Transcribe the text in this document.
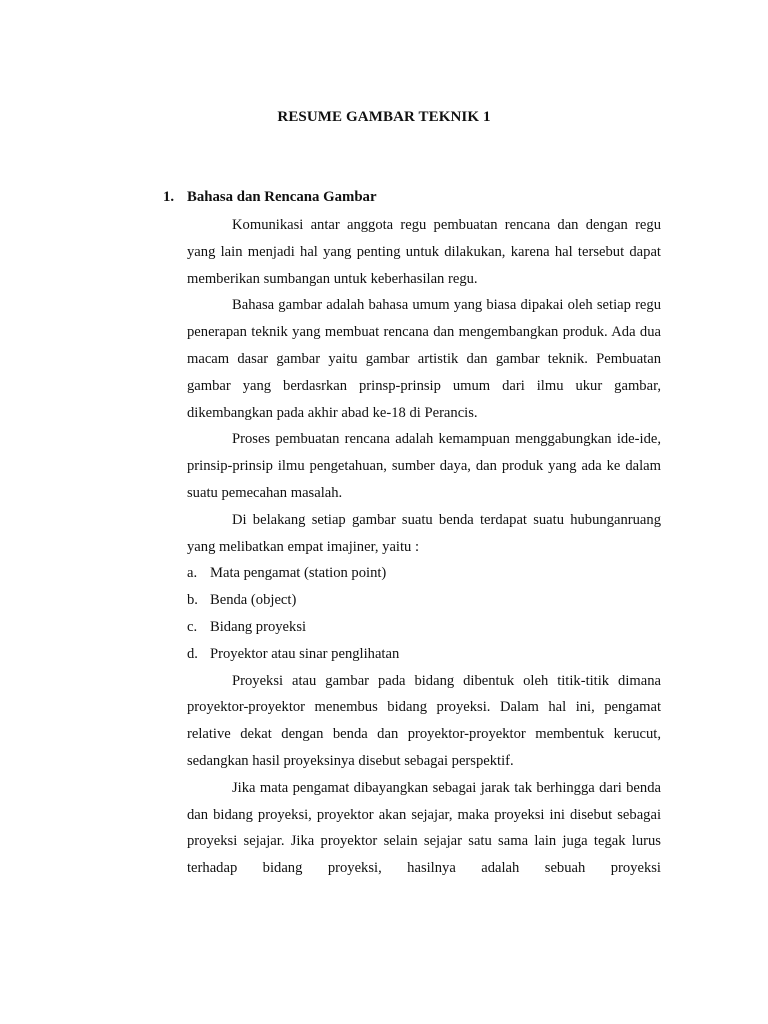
RESUME GAMBAR TEKNIK 1
1. Bahasa dan Rencana Gambar

Komunikasi antar anggota regu pembuatan rencana dan dengan regu yang lain menjadi hal yang penting untuk dilakukan, karena hal tersebut dapat memberikan sumbangan untuk keberhasilan regu.

Bahasa gambar adalah bahasa umum yang biasa dipakai oleh setiap regu penerapan teknik yang membuat rencana dan mengembangkan produk. Ada dua macam dasar gambar yaitu gambar artistik dan gambar teknik. Pembuatan gambar yang berdasrkan prinsp-prinsip umum dari ilmu ukur gambar, dikembangkan pada akhir abad ke-18 di Perancis.

Proses pembuatan rencana adalah kemampuan menggabungkan ide-ide, prinsip-prinsip ilmu pengetahuan, sumber daya, dan produk yang ada ke dalam suatu pemecahan masalah.

Di belakang setiap gambar suatu benda terdapat suatu hubunganruang yang melibatkan empat imajiner, yaitu :

a. Mata pengamat (station point)
b. Benda (object)
c. Bidang proyeksi
d. Proyektor atau sinar penglihatan

Proyeksi atau gambar pada bidang dibentuk oleh titik-titik dimana proyektor-proyektor menembus bidang proyeksi. Dalam hal ini, pengamat relative dekat dengan benda dan proyektor-proyektor membentuk kerucut, sedangkan hasil proyeksinya disebut sebagai perspektif.

Jika mata pengamat dibayangkan sebagai jarak tak berhingga dari benda dan bidang proyeksi, proyektor akan sejajar, maka proyeksi ini disebut sebagai proyeksi sejajar. Jika proyektor selain sejajar satu sama lain juga tegak lurus terhadap bidang proyeksi, hasilnya adalah sebuah proyeksi
